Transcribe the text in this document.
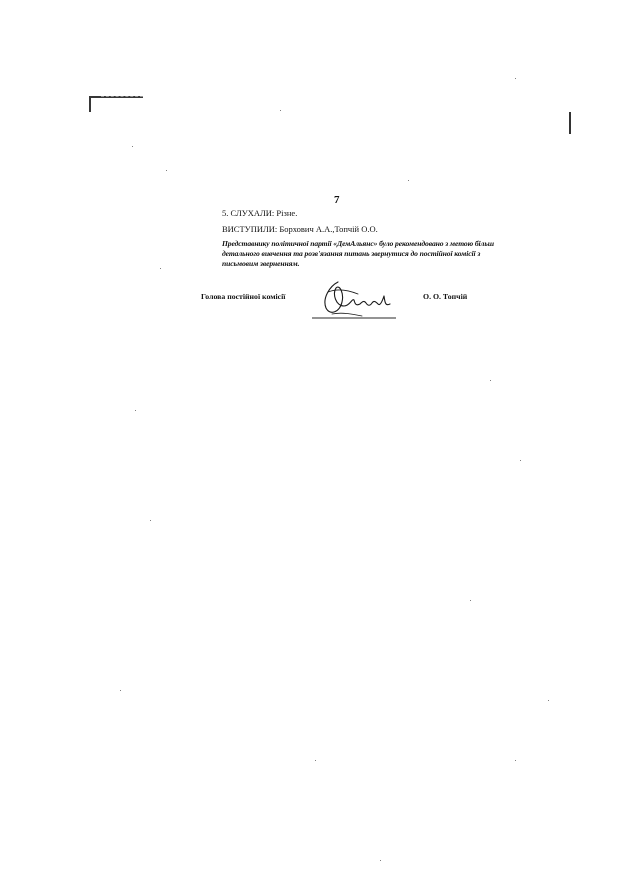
7
5. СЛУХАЛИ: Різне.
ВИСТУПИЛИ: Борхович А.А.,Топчій О.О.
Представнику політичної партії «ДемАльянс» було рекомендовано з метою більш детального вивчення та розв'язання питань звернутися до постійної комісії з письмовим зверненням.
Голова постійної комісії	О. О. Топчій
